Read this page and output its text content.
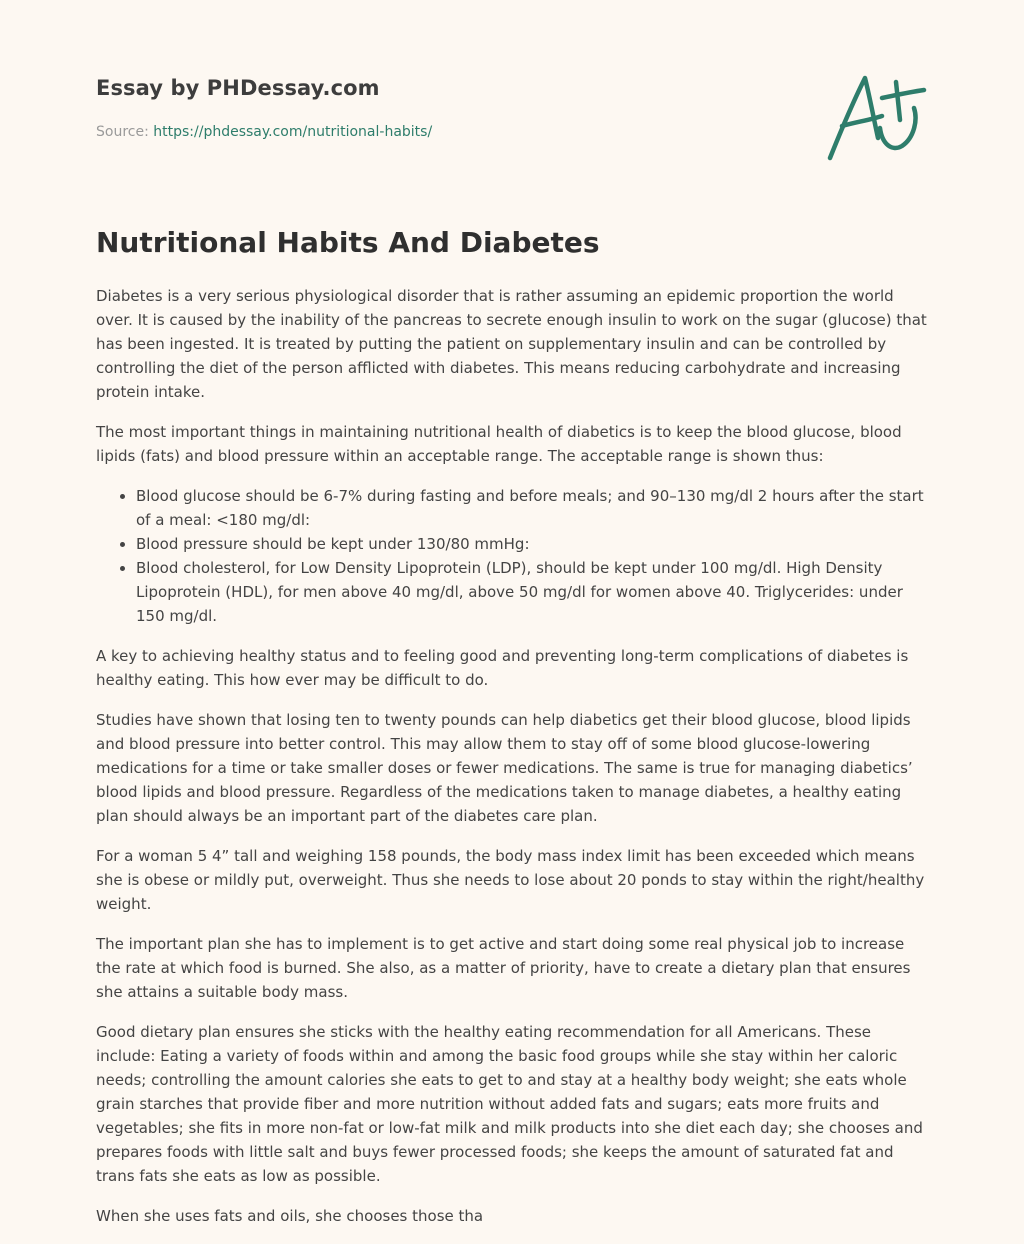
Essay by PHDessay.com
Source: https://phdessay.com/nutritional-habits/
Nutritional Habits And Diabetes

Diabetes is a very serious physiological disorder that is rather assuming an epidemic proportion the world over. It is caused by the inability of the pancreas to secrete enough insulin to work on the sugar (glucose) that has been ingested. It is treated by putting the patient on supplementary insulin and can be controlled by controlling the diet of the person afflicted with diabetes. This means reducing carbohydrate and increasing protein intake.

The most important things in maintaining nutritional health of diabetics is to keep the blood glucose, blood lipids (fats) and blood pressure within an acceptable range. The acceptable range is shown thus:

• Blood glucose should be 6-7% during fasting and before meals; and 90–130 mg/dl 2 hours after the start of a meal: <180 mg/dl:
• Blood pressure should be kept under 130/80 mmHg:
• Blood cholesterol, for Low Density Lipoprotein (LDP), should be kept under 100 mg/dl. High Density Lipoprotein (HDL), for men above 40 mg/dl, above 50 mg/dl for women above 40. Triglycerides: under 150 mg/dl.

A key to achieving healthy status and to feeling good and preventing long-term complications of diabetes is healthy eating. This how ever may be difficult to do.

Studies have shown that losing ten to twenty pounds can help diabetics get their blood glucose, blood lipids and blood pressure into better control. This may allow them to stay off of some blood glucose-lowering medications for a time or take smaller doses or fewer medications. The same is true for managing diabetics’ blood lipids and blood pressure. Regardless of the medications taken to manage diabetes, a healthy eating plan should always be an important part of the diabetes care plan.

For a woman 5 4” tall and weighing 158 pounds, the body mass index limit has been exceeded which means she is obese or mildly put, overweight. Thus she needs to lose about 20 ponds to stay within the right/healthy weight.

The important plan she has to implement is to get active and start doing some real physical job to increase the rate at which food is burned. She also, as a matter of priority, have to create a dietary plan that ensures she attains a suitable body mass.

Good dietary plan ensures she sticks with the healthy eating recommendation for all Americans. These include: Eating a variety of foods within and among the basic food groups while she stay within her caloric needs; controlling the amount calories she eats to get to and stay at a healthy body weight; she eats whole grain starches that provide fiber and more nutrition without added fats and sugars; eats more fruits and vegetables; she fits in more non-fat or low-fat milk and milk products into she diet each day; she chooses and prepares foods with little salt and buys fewer processed foods; she keeps the amount of saturated fat and trans fats she eats as low as possible.

When she uses fats and oils, she chooses those tha
